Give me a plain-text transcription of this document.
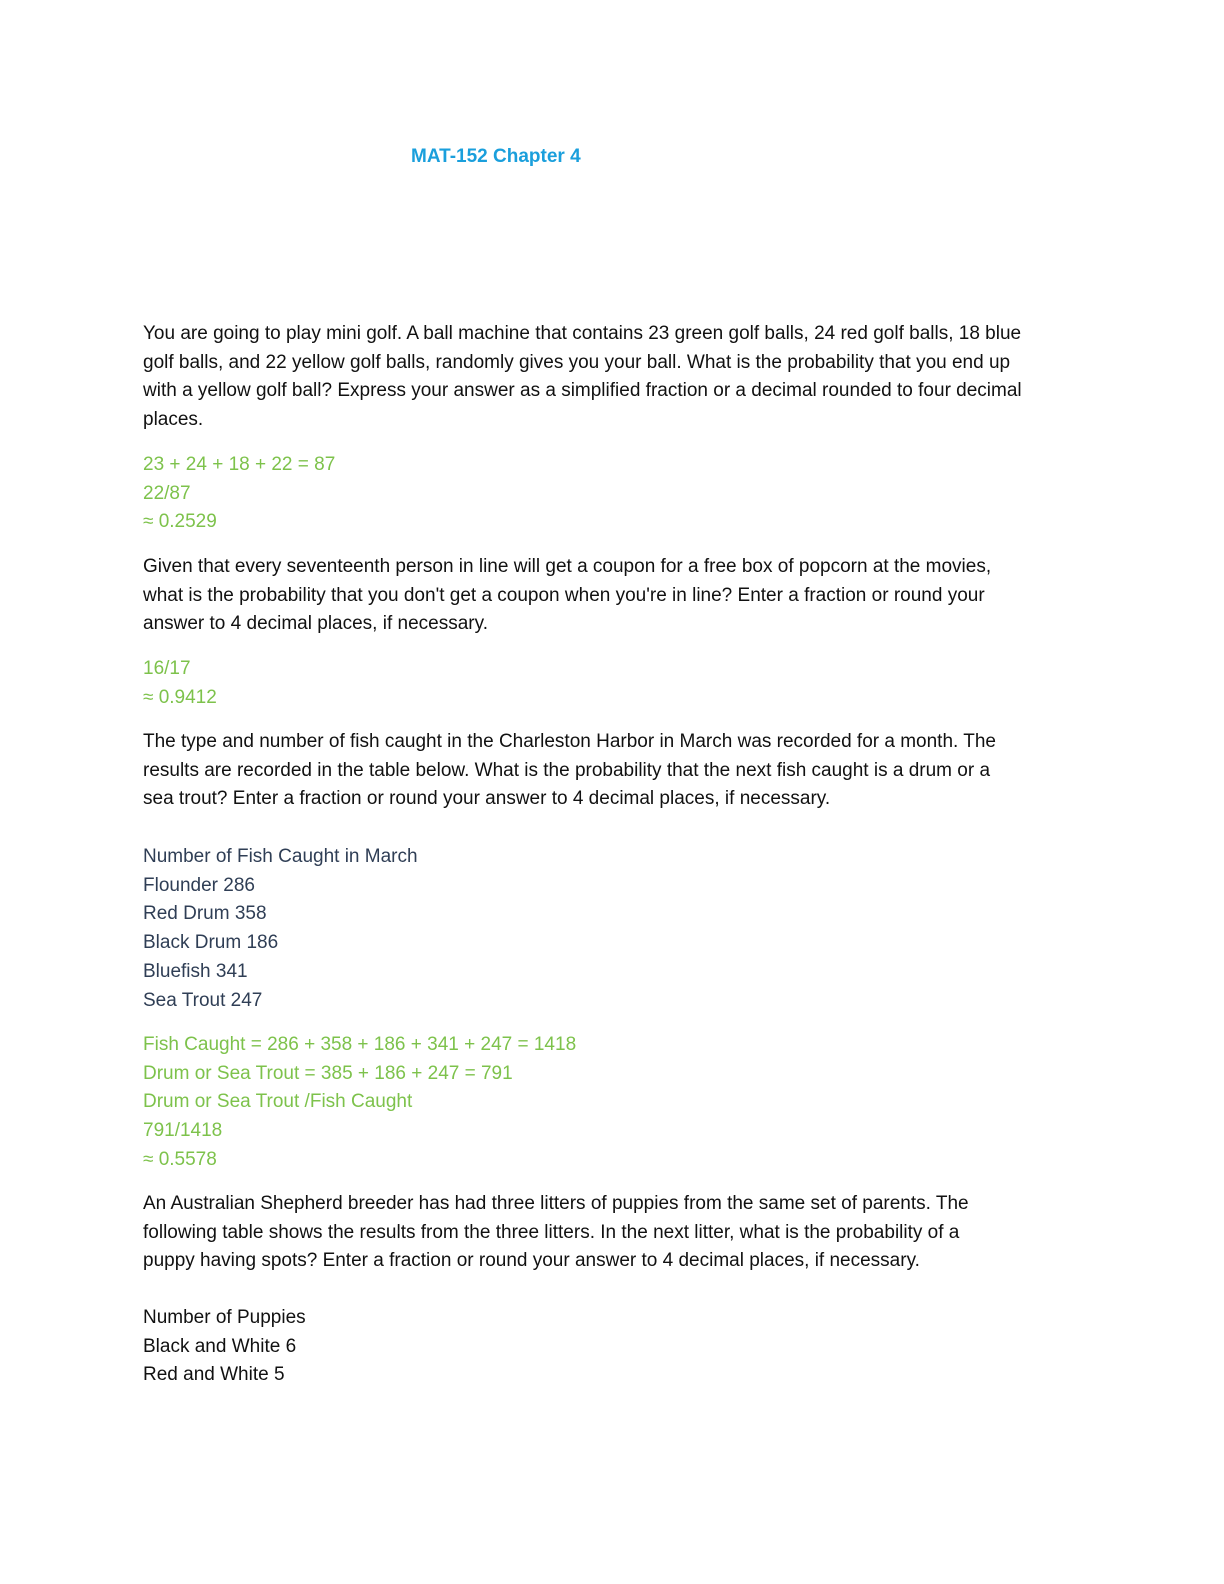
MAT-152 Chapter 4
You are going to play mini golf. A ball machine that contains 23 green golf balls, 24 red golf balls, 18 blue
golf balls, and 22 yellow golf balls, randomly gives you your ball. What is the probability that you end up
with a yellow golf ball? Express your answer as a simplified fraction or a decimal rounded to four decimal
places.
23 + 24 + 18 + 22 = 87
22/87
≈ 0.2529
Given that every seventeenth person in line will get a coupon for a free box of popcorn at the movies,
what is the probability that you don't get a coupon when you're in line? Enter a fraction or round your
answer to 4 decimal places, if necessary.
16/17
≈ 0.9412
The type and number of fish caught in the Charleston Harbor in March was recorded for a month. The
results are recorded in the table below. What is the probability that the next fish caught is a drum or a
sea trout? Enter a fraction or round your answer to 4 decimal places, if necessary.
Number of Fish Caught in March
Flounder 286
Red Drum 358
Black Drum 186
Bluefish 341
Sea Trout 247
Fish Caught = 286 + 358 + 186 + 341 + 247 = 1418
Drum or Sea Trout = 385 + 186 + 247 = 791
Drum or Sea Trout /Fish Caught
791/1418
≈ 0.5578
An Australian Shepherd breeder has had three litters of puppies from the same set of parents. The
following table shows the results from the three litters. In the next litter, what is the probability of a
puppy having spots? Enter a fraction or round your answer to 4 decimal places, if necessary.
Number of Puppies
Black and White 6
Red and White 5
